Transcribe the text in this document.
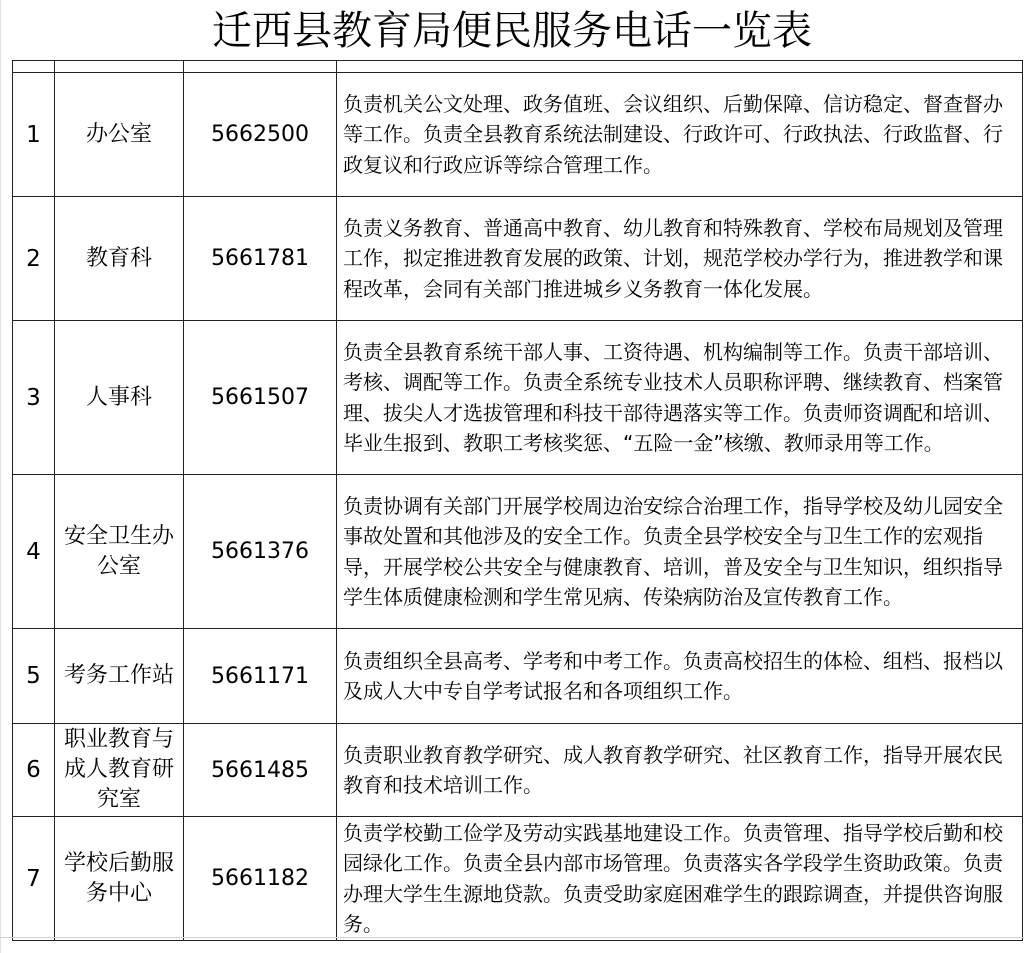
迁西县教育局便民服务电话一览表

1	办公室	5662500	负责机关公文处理、政务值班、会议组织、后勤保障、信访稳定、督查督办等工作。负责全县教育系统法制建设、行政许可、行政执法、行政监督、行政复议和行政应诉等综合管理工作。
2	教育科	5661781	负责义务教育、普通高中教育、幼儿教育和特殊教育、学校布局规划及管理工作，拟定推进教育发展的政策、计划，规范学校办学行为，推进教学和课程改革，会同有关部门推进城乡义务教育一体化发展。
3	人事科	5661507	负责全县教育系统干部人事、工资待遇、机构编制等工作。负责干部培训、考核、调配等工作。负责全系统专业技术人员职称评聘、继续教育、档案管理、拔尖人才选拔管理和科技干部待遇落实等工作。负责师资调配和培训、毕业生报到、教职工考核奖惩、“五险一金”核缴、教师录用等工作。
4	安全卫生办公室	5661376	负责协调有关部门开展学校周边治安综合治理工作，指导学校及幼儿园安全事故处置和其他涉及的安全工作。负责全县学校安全与卫生工作的宏观指导，开展学校公共安全与健康教育、培训，普及安全与卫生知识，组织指导学生体质健康检测和学生常见病、传染病防治及宣传教育工作。
5	考务工作站	5661171	负责组织全县高考、学考和中考工作。负责高校招生的体检、组档、报档以及成人大中专自学考试报名和各项组织工作。
6	职业教育与成人教育研究室	5661485	负责职业教育教学研究、成人教育教学研究、社区教育工作，指导开展农民教育和技术培训工作。
7	学校后勤服务中心	5661182	负责学校勤工俭学及劳动实践基地建设工作。负责管理、指导学校后勤和校园绿化工作。负责全县内部市场管理。负责落实各学段学生资助政策。负责办理大学生生源地贷款。负责受助家庭困难学生的跟踪调查，并提供咨询服务。
